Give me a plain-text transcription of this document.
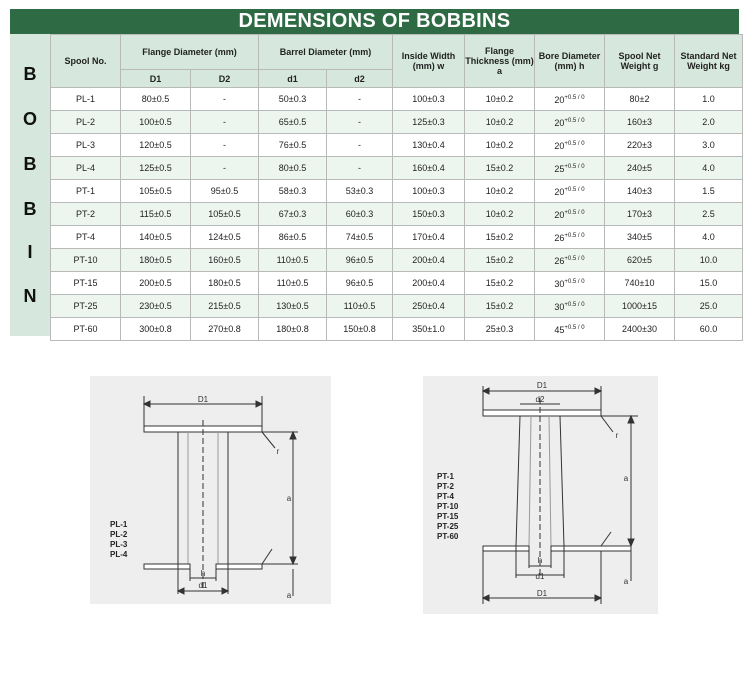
DEMENSIONS OF BOBBINS
B
O
B
B
I
N
Spool No.	Flange Diameter (mm)		Barrel Diameter (mm)		Inside Width (mm) w	Flange Thickness (mm) a	Bore Diameter (mm) h	Spool Net Weight g	Standard Net Weight kg
	D1	D2	d1	d2					
PL-1	80±0.5	-	50±0.3	-	100±0.3	10±0.2	$20^{+0.5 / 0}$	80±2	1.0
PL-2	100±0.5	-	65±0.5	-	125±0.3	10±0.2	$20^{+0.5 / 0}$	160±3	2.0
PL-3	120±0.5	-	76±0.5	-	130±0.4	10±0.2	$20^{+0.5 / 0}$	220±3	3.0
PL-4	125±0.5	-	80±0.5	-	160±0.4	15±0.2	$25^{+0.5 / 0}$	240±5	4.0
PT-1	105±0.5	95±0.5	58±0.3	53±0.3	100±0.3	10±0.2	$20^{+0.5 / 0}$	140±3	1.5
PT-2	115±0.5	105±0.5	67±0.3	60±0.3	150±0.3	10±0.2	$20^{+0.5 / 0}$	170±3	2.5
PT-4	140±0.5	124±0.5	86±0.5	74±0.5	170±0.4	15±0.2	$26^{+0.5 / 0}$	340±5	4.0
PT-10	180±0.5	160±0.5	110±0.5	96±0.5	200±0.4	15±0.2	$26^{+0.5 / 0}$	620±5	10.0
PT-15	200±0.5	180±0.5	110±0.5	96±0.5	200±0.4	15±0.2	$30^{+0.5 / 0}$	740±10	15.0
PT-25	230±0.5	215±0.5	130±0.5	110±0.5	250±0.4	15±0.2	$30^{+0.5 / 0}$	1000±15	25.0
PT-60	300±0.8	270±0.8	180±0.8	150±0.8	350±1.0	25±0.3	$45^{+0.5 / 0}$	2400±30	60.0
D1
d1
h
a
a
r
PL-1
PL-2
PL-3
PL-4
D1
d2
h
d1
D1
a
a
r
PT-1
PT-2
PT-4
PT-10
PT-15
PT-25
PT-60
